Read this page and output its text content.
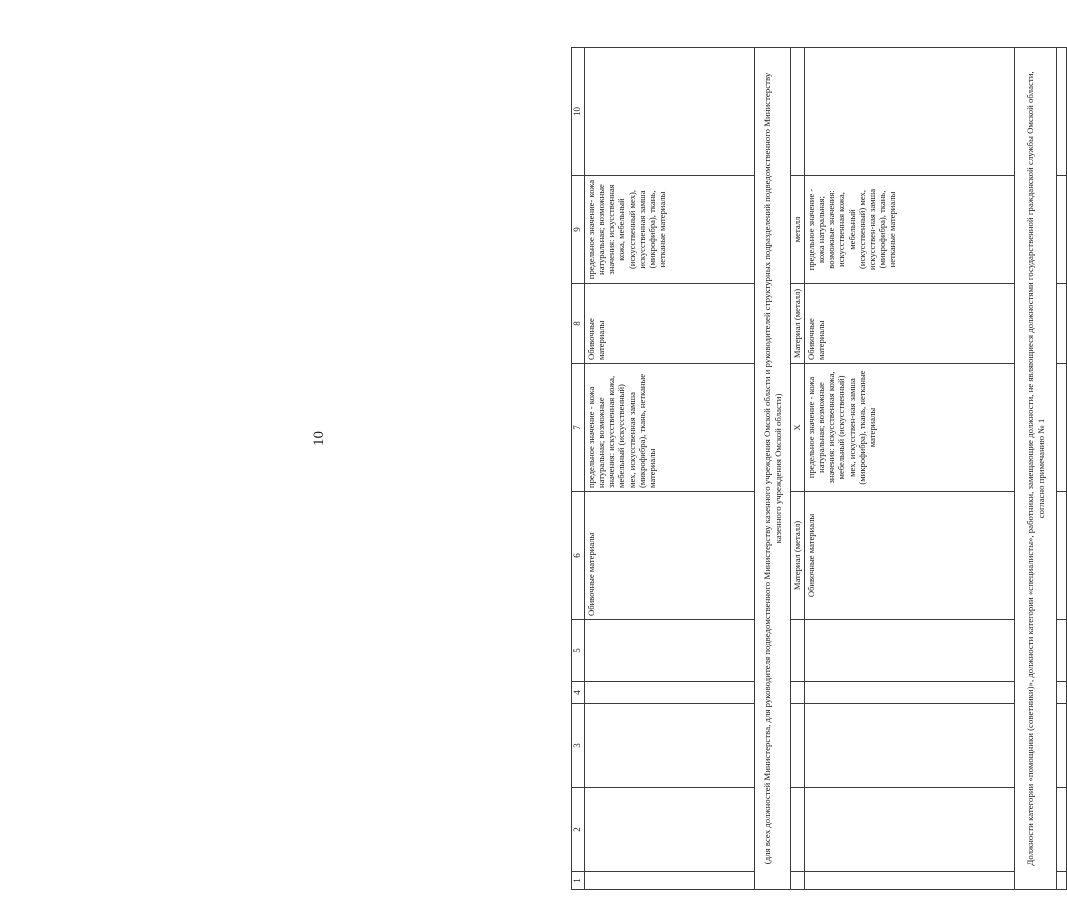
10
1	2	3	4	5	6	7	8	9	10
					Обивочные материалы	предельное значение - кожа натуральная; возможные значения: искусственная кожа, мебельный (искусственный) мех, искусственная замша (микрофибра), ткань, нетканые материалы	Обивочные материалы	предельное значение- кожа натуральная; возможные значения: искусственная кожа, мебельный (искусственный мех), искусственная замша (микрофибра), ткань, нетканые материалы	
(для всех должностей Министерства, для руководителя подведомственного Министерству казенного учреждения Омской области и руководителей структурных подразделений подведомственного Министерству казенного учреждения Омской области)									
					Материал (металл)	Х	Материал (металл)	металл	
					Обивочные материалы	предельное значение - кожа натуральная; возможные значения: искусственная кожа, мебельный (искусственный) мех, искусствен-ная замша (микрофибра), ткань, нетканые материалы	Обивочные материалы	предельное значение - кожа натуральная; возможные значения: искусственная кожа, мебельный (искусственный) мех, искусствен-ная замша (микрофибра), ткань, нетканые материалы	
Должности категории «помощники (советники)», должности категории «специалисты», работники, замещающие должности, не являющиеся должностями государственной гражданской службы Омской области, согласно примечанию № 1									
